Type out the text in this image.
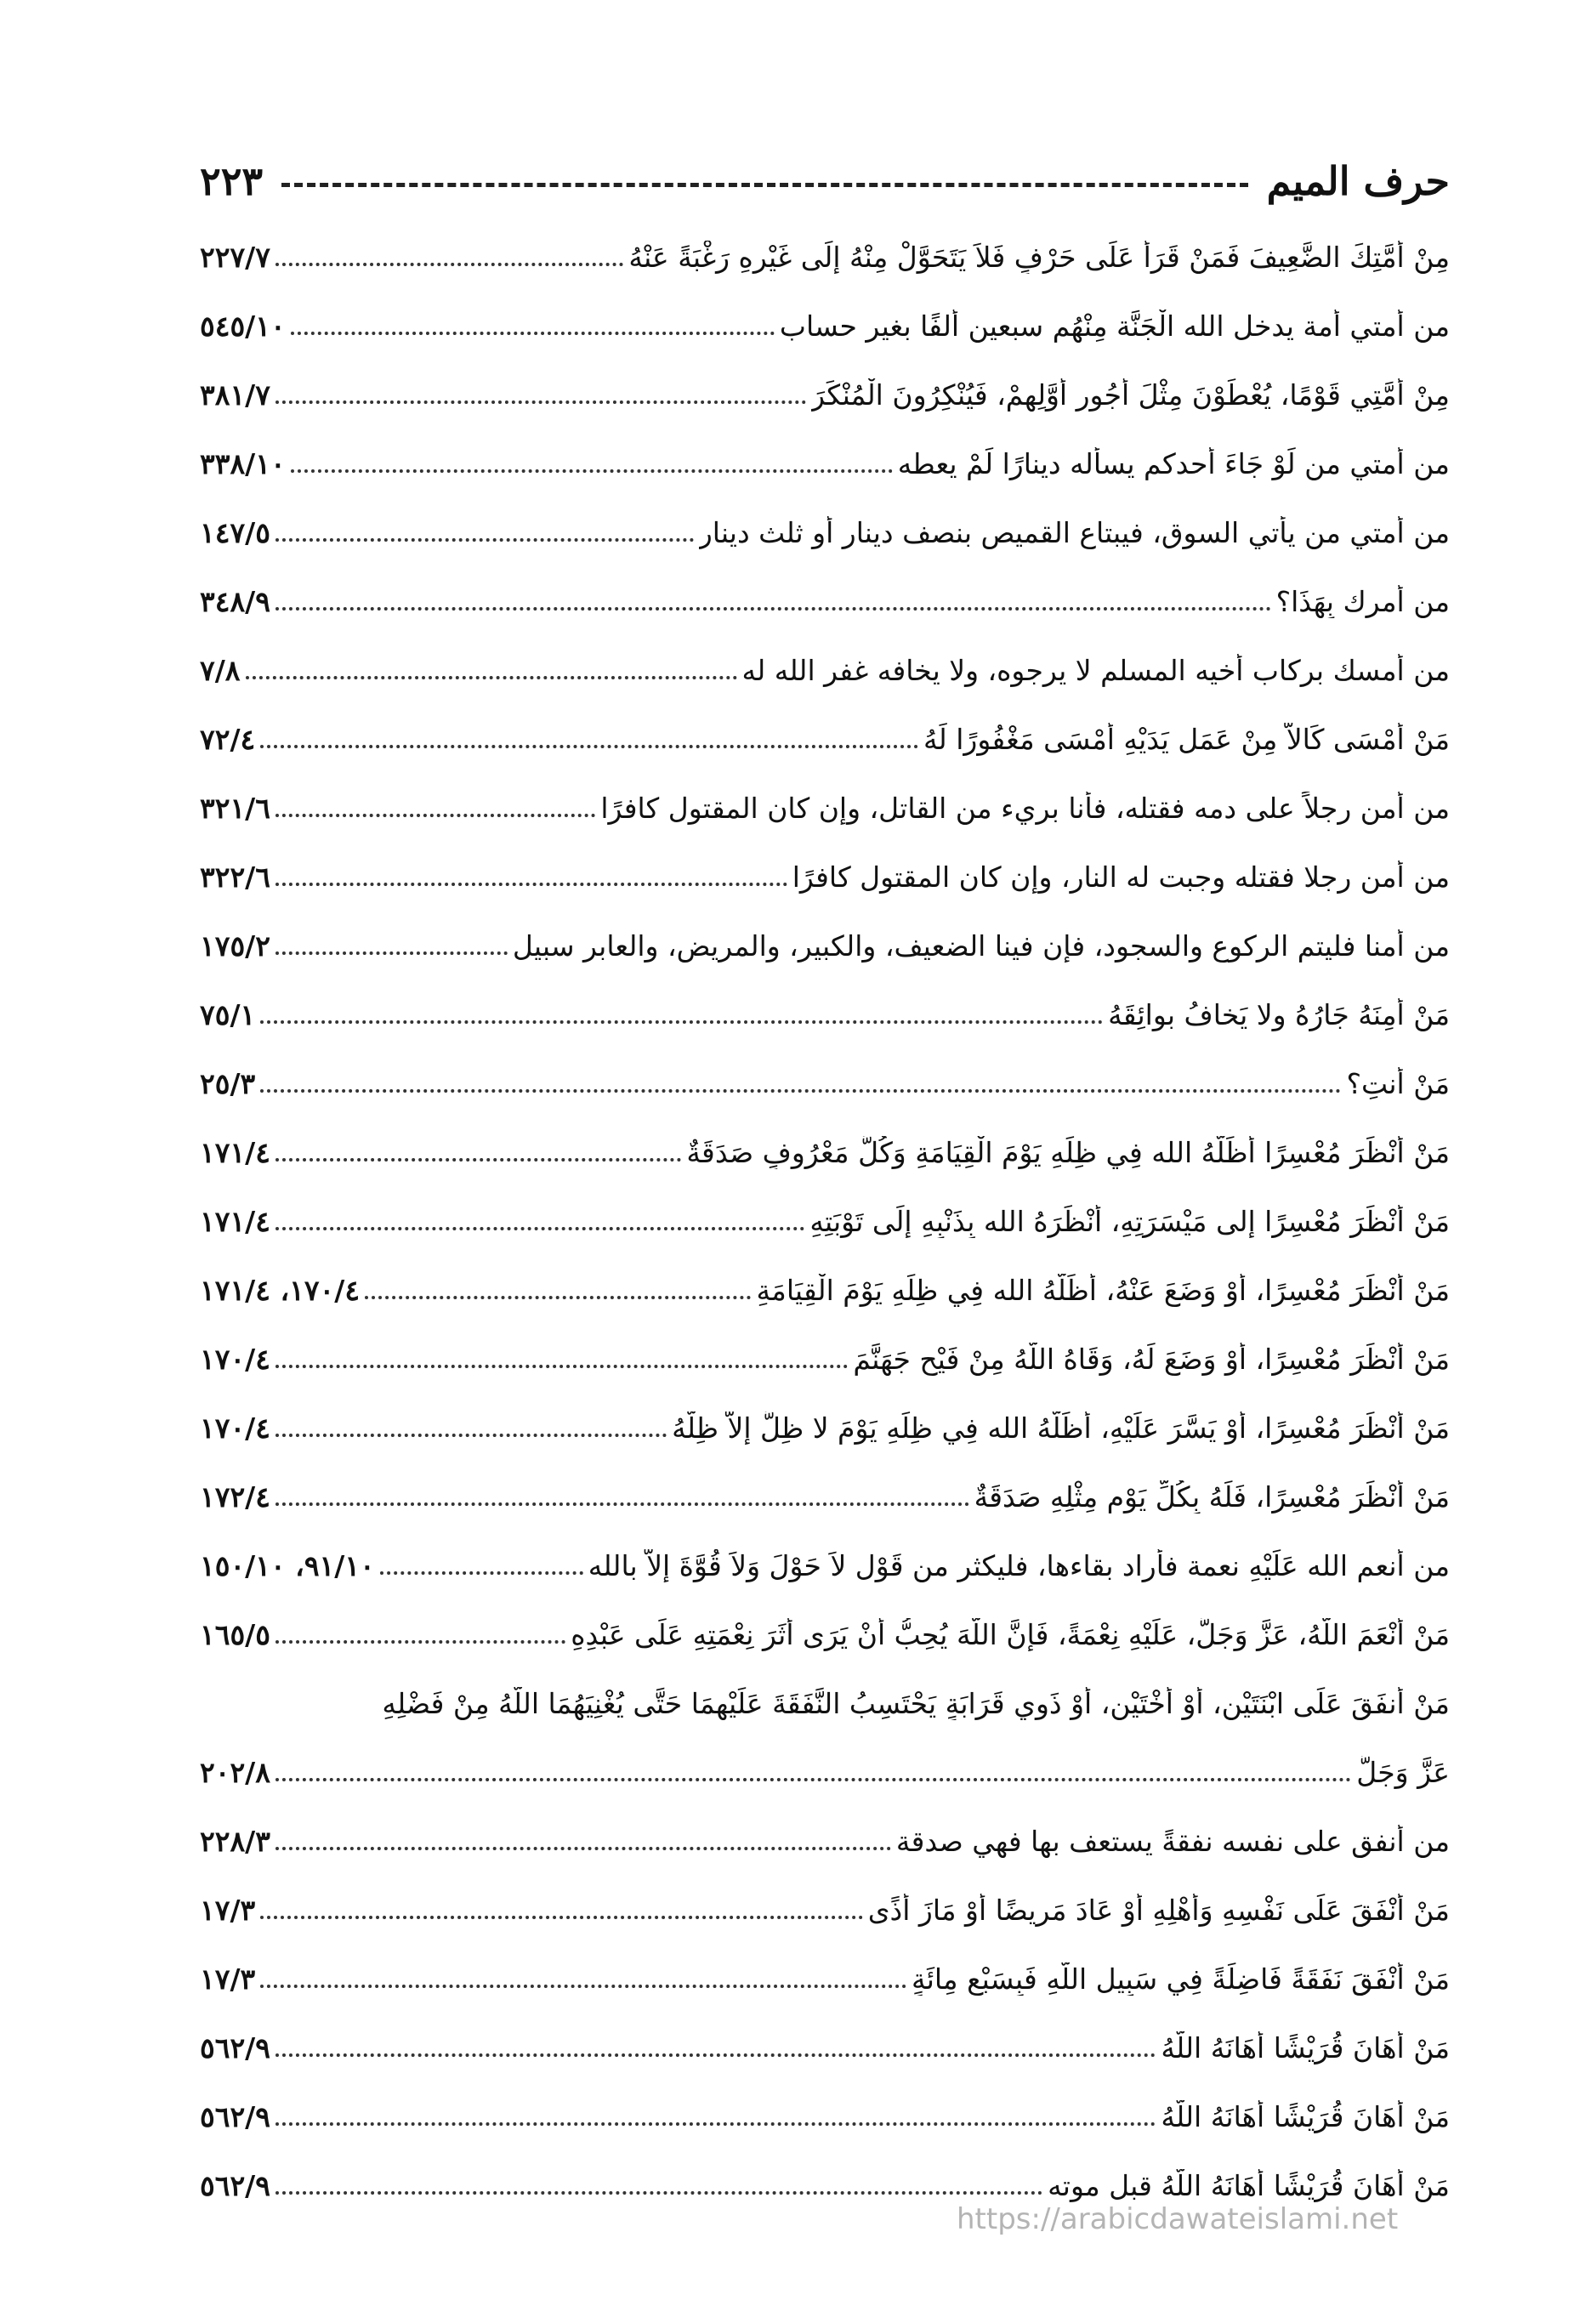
حرف الميم
٢٢٣
مِنْ أُمَّتِكَ الضَّعِيفَ فَمَنْ قَرَأَ عَلَى حَرْفٍ فَلاَ يَتَحَوَّلْ مِنْهُ إِلَى غَيْرِهِ رَغْبَةً عَنْهُ
٢٢٧/٧
من أمتي أمة يدخل الله الْجَنَّة مِنْهُم سبعين ألفًا بغير حساب
٥٤٥/١٠
مِنْ أُمَّتِي قَوْمًا، يُعْطَوْنَ مِثْلَ أُجُورِ أَوَّلِهِمْ، فَيُنْكِرُونَ الْمُنْكَرَ
٣٨١/٧
من أمتي من لَوْ جَاءَ أحدكم يسأله دينارًا لَمْ يعطه
٣٣٨/١٠
من أمتي من يأتي السوق، فيبتاع القميص بنصف دينار أو ثلث دينار
١٤٧/٥
من أمرك بِهَذَا؟
٣٤٨/٩
من أمسك بركاب أخيه المسلم لا يرجوه، ولا يخافه غفر الله له
٧/٨
مَنْ أَمْسَى كَالاًّ مِنْ عَمَلِ يَدَيْهِ أَمْسَى مَغْفُورًا لَهُ
٧٢/٤
من أمن رجلاً على دمه فقتله، فأنا بريء من القاتل، وإن كان المقتول كافرًا
٣٢١/٦
من أمن رجلا فقتله وجبت له النار، وإن كان المقتول كافرًا
٣٢٢/٦
من أمنا فليتم الركوع والسجود، فإن فينا الضعيف، والكبير، والمريض، والعابر سبيل
١٧٥/٢
مَنْ أَمِنَهُ جَارُهُ ولا يَخافُ بوائِقَهُ
٧٥/١
مَنْ أَنتِ؟
٢٥/٣
مَنْ أَنْظَرَ مُعْسِرًا أَظَلَّهُ الله فِي ظِلِّهِ يَوْمَ الْقِيَامَةِ وَكُلُّ مَعْرُوفٍ صَدَقَةٌ
١٧١/٤
مَنْ أَنْظَرَ مُعْسِرًا إلى مَيْسَرَتِهِ، أَنْظَرَهُ الله بِذَنْبِهِ إِلَى تَوْبَتِهِ
١٧١/٤
مَنْ أَنْظَرَ مُعْسِرًا، أَوْ وَضَعَ عَنْهُ، أَظَلَّهُ الله فِي ظِلِّهِ يَوْمَ الْقِيَامَةِ
١٧٠/٤، ١٧١/٤
مَنْ أَنْظَرَ مُعْسِرًا، أَوْ وَضَعَ لَهُ، وَقَاهُ اللَّهُ مِنْ فَيْحِ جَهَنَّمَ
١٧٠/٤
مَنْ أَنْظَرَ مُعْسِرًا، أَوْ يَسَّرَ عَلَيْهِ، أَظَلَّهُ الله فِي ظِلِّهِ يَوْمَ لا ظِلَّ إِلاَّ ظِلُّهُ
١٧٠/٤
مَنْ أَنْظَرَ مُعْسِرًا، فَلَهُ بِكُلِّ يَوْمٍ مِثْلِهِ صَدَقَةٌ
١٧٢/٤
من أنعم الله عَلَيْهِ نعمة فأراد بقاءها، فليكثر من قَوْل لاَ حَوْلَ وَلاَ قُوَّةَ إِلاَّ بالله
٩١/١٠، ١٥٠/١٠
مَنْ أَنْعَمَ اللَّهُ، عَزَّ وَجَلَّ، عَلَيْهِ نِعْمَةً، فَإِنَّ اللَّهَ يُحِبُّ أَنْ يَرَى أَثَرَ نِعْمَتِهِ عَلَى عَبْدِهِ
١٦٥/٥
مَنْ أَنفَقَ عَلَى ابْنَتَيْنِ، أَوْ أُخْتَيْنِ، أَوْ ذَوِي قَرَابَةٍ يَحْتَسِبُ النَّفَقَةَ عَلَيْهِمَا حَتَّى يُغْنِيَهُمَا اللَّهُ مِنْ فَضْلِهِ
عَزَّ وَجَلَّ
٢٠٢/٨
من أنفق على نفسه نفقةً يستعف بها فهي صدقة
٢٢٨/٣
مَنْ أَنْفَقَ عَلَى نَفْسِهِ وَأَهْلِهِ أَوْ عَادَ مَرِيضًا أَوْ مَازَ أَذًى
١٧/٣
مَنْ أَنْفَقَ نَفَقَةً فَاضِلَةً فِي سَبِيلِ اللَّهِ فَبِسَبْعِ مِائَةٍ
١٧/٣
مَنْ أَهَانَ قُرَيْشًا أَهَانَهُ اللَّهُ
٥٦٢/٩
مَنْ أَهَانَ قُرَيْشًا أَهَانَهُ اللَّهُ
٥٦٢/٩
مَنْ أَهَانَ قُرَيْشًا أَهَانَهُ اللَّهُ قبل موته
٥٦٢/٩
https://arabicdawateislami.net
